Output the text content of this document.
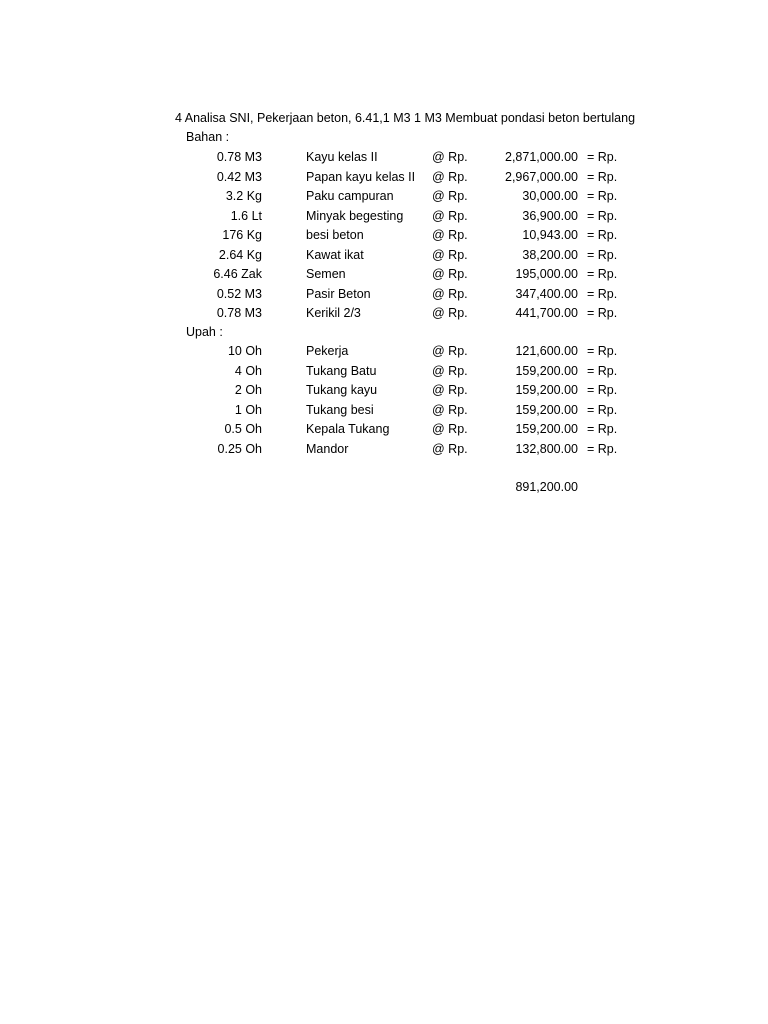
4 Analisa SNI, Pekerjaan beton, 6.41,1 M3 1 M3 Membuat pondasi beton bertulang
Bahan :
0.78 M3	Kayu kelas II	@ Rp.	2,871,000.00 = Rp.
0.42 M3	Papan kayu kelas II @ Rp.	2,967,000.00 = Rp.
3.2 Kg	Paku campuran	@ Rp.	30,000.00 = Rp.
1.6 Lt	Minyak begesting @ Rp.	36,900.00 = Rp.
176 Kg	besi beton	@ Rp.	10,943.00 = Rp.
2.64 Kg	Kawat ikat	@ Rp.	38,200.00 = Rp.
6.46 Zak	Semen	@ Rp.	195,000.00 = Rp.
0.52 M3	Pasir Beton	@ Rp.	347,400.00 = Rp.
0.78 M3	Kerikil 2/3	@ Rp.	441,700.00 = Rp.
Upah :
10 Oh	Pekerja	@ Rp.	121,600.00 = Rp.
4 Oh	Tukang Batu	@ Rp.	159,200.00 = Rp.
2 Oh	Tukang kayu	@ Rp.	159,200.00 = Rp.
1 Oh	Tukang besi	@ Rp.	159,200.00 = Rp.
0.5 Oh	Kepala Tukang	@ Rp.	159,200.00 = Rp.
0.25 Oh	Mandor	@ Rp.	132,800.00 = Rp.
891,200.00
